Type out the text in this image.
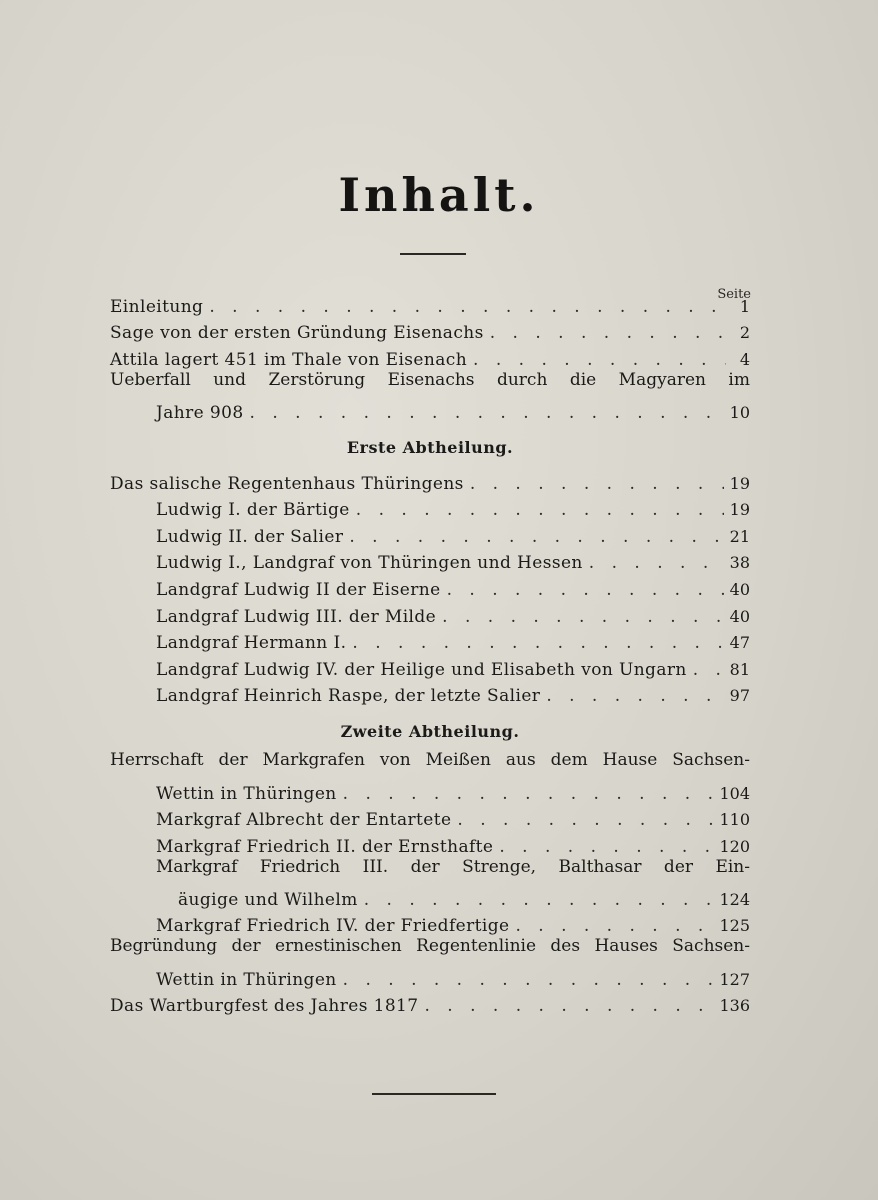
Inhalt.
Seite
Einleitung . . .	1
Sage von der ersten Gründung Eisenachs . . .	2
Attila lagert 451 im Thale von Eisenach . . .	4
Ueberfall und Zerstörung Eisenachs durch die Magyaren im
Jahre 908 . . .	10
Erste Abtheilung.
Das salische Regentenhaus Thüringens . . .	19
Ludwig I. der Bärtige . . .	19
Ludwig II. der Salier . . .	21
Ludwig I., Landgraf von Thüringen und Hessen . . .	38
Landgraf Ludwig II der Eiserne . . .	40
Landgraf Ludwig III. der Milde . . .	40
Landgraf Hermann I. . . .	47
Landgraf Ludwig IV. der Heilige und Elisabeth von Ungarn . . .	81
Landgraf Heinrich Raspe, der letzte Salier . . .	97
Zweite Abtheilung.
Herrschaft der Markgrafen von Meißen aus dem Hause Sachsen-
Wettin in Thüringen . . .	104
Markgraf Albrecht der Entartete . . .	110
Markgraf Friedrich II. der Ernsthafte . . .	120
Markgraf Friedrich III. der Strenge, Balthasar der Ein-
äugige und Wilhelm . . .	124
Markgraf Friedrich IV. der Friedfertige . . .	125
Begründung der ernestinischen Regentenlinie des Hauses Sachsen-
Wettin in Thüringen . . .	127
Das Wartburgfest des Jahres 1817 . . .	136
